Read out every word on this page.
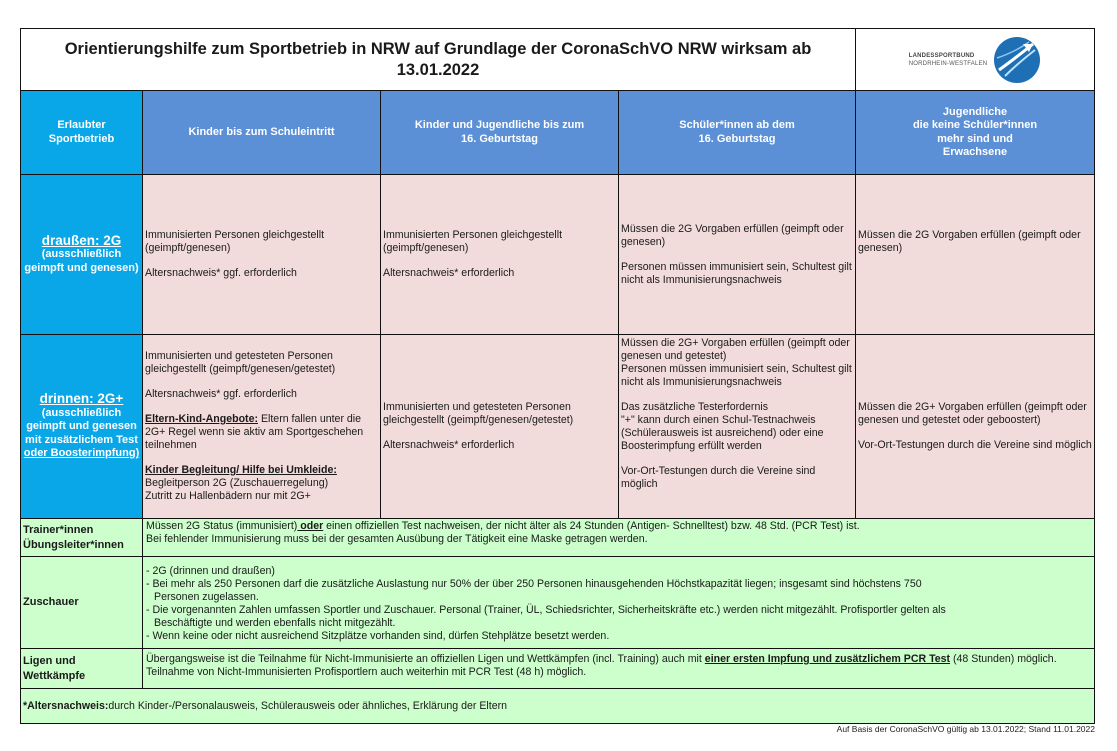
Orientierungshilfe zum Sportbetrieb in NRW auf Grundlage der CoronaSchVO NRW wirksam ab 13.01.2022
LANDESSPORTBUND
NORDRHEIN-WESTFALEN
Erlaubter
Sportbetrieb
Kinder bis zum Schuleintritt
Kinder und Jugendliche bis zum
16. Geburtstag
Schüler*innen ab dem
16. Geburtstag
Jugendliche
die keine Schüler*innen
mehr sind und
Erwachsene
draußen: 2G
(ausschließlich geimpft und genesen)

Immunisierten Personen gleichgestellt (geimpft/genesen)

Altersnachweis* ggf. erforderlich

Immunisierten Personen gleichgestellt (geimpft/genesen)

Altersnachweis* erforderlich

Müssen die 2G Vorgaben erfüllen (geimpft oder genesen)

Personen müssen immunisiert sein, Schultest gilt nicht als Immunisierungsnachweis

Müssen die 2G Vorgaben erfüllen (geimpft oder genesen)

drinnen: 2G+
(ausschließlich geimpft und genesen mit zusätzlichem Test
oder Boosterimpfung)

Immunisierten und getesteten Personen gleichgestellt (geimpft/genesen/getestet)

Altersnachweis* ggf. erforderlich

Eltern-Kind-Angebote: Eltern fallen unter die 2G+ Regel wenn sie aktiv am Sportgeschehen teilnehmen

Kinder Begleitung/ Hilfe bei Umkleide:

Begleitperson 2G (Zuschauerregelung)

Zutritt zu Hallenbädern nur mit 2G+

Immunisierten und getesteten Personen gleichgestellt (geimpft/genesen/getestet)

Altersnachweis* erforderlich

Müssen die 2G+ Vorgaben erfüllen (geimpft oder genesen und getestet)

Personen müssen immunisiert sein, Schultest gilt nicht als Immunisierungsnachweis

Das zusätzliche Testerfordernis

"+" kann durch einen Schul-Testnachweis (Schülerausweis ist ausreichend) oder eine Boosterimpfung erfüllt werden

Vor-Ort-Testungen durch die Vereine sind möglich

Müssen die 2G+ Vorgaben erfüllen (geimpft oder genesen und getestet oder geboostert)

Vor-Ort-Testungen durch die Vereine sind möglich

Trainer*innen
Übungsleiter*innen

Müssen 2G Status (immunisiert) oder einen offiziellen Test nachweisen, der nicht älter als 24 Stunden (Antigen- Schnelltest) bzw. 48 Std. (PCR Test) ist.

Bei fehlender Immunisierung muss bei der gesamten Ausübung der Tätigkeit eine Maske getragen werden.

Zuschauer

- 2G (drinnen und draußen)

- Bei mehr als 250 Personen darf die zusätzliche Auslastung nur 50% der über 250 Personen hinausgehenden Höchstkapazität liegen; insgesamt sind höchstens 750

Personen zugelassen.

- Die vorgenannten Zahlen umfassen Sportler und Zuschauer. Personal (Trainer, ÜL, Schiedsrichter, Sicherheitskräfte etc.) werden nicht mitgezählt. Profisportler gelten als

Beschäftigte und werden ebenfalls nicht mitgezählt.

- Wenn keine oder nicht ausreichend Sitzplätze vorhanden sind, dürfen Stehplätze besetzt werden.

Ligen und
Wettkämpfe

Übergangsweise ist die Teilnahme für Nicht-Immunisierte an offiziellen Ligen und Wettkämpfen (incl. Training) auch mit einer ersten Impfung und zusätzlichem PCR Test (48 Stunden) möglich. Teilnahme von Nicht-Immunisierten Profisportlern auch weiterhin mit PCR Test (48 h) möglich.

*Altersnachweis: durch Kinder-/Personalausweis, Schülerausweis oder ähnliches, Erklärung der Eltern
Auf Basis der CoronaSchVO gültig ab 13.01.2022; Stand 11.01.2022
